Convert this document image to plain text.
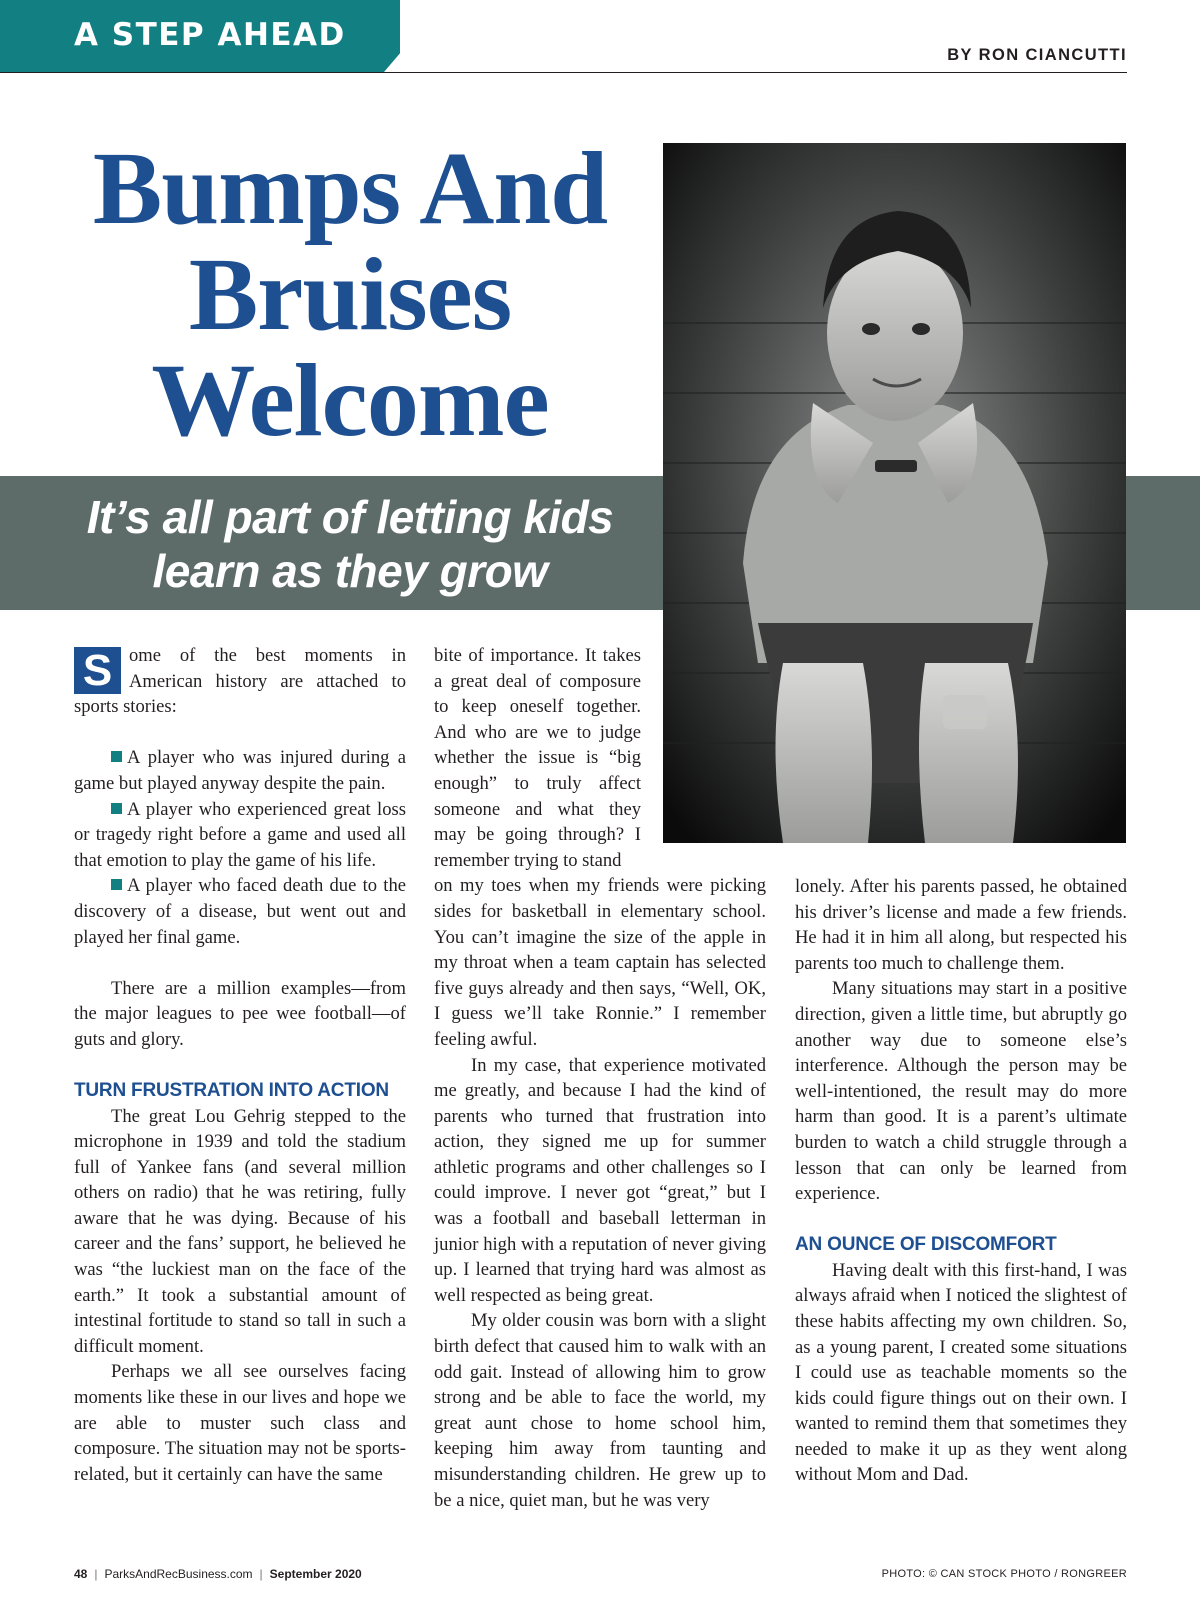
A STEP AHEAD
BY RON CIANCUTTI
Bumps And Bruises Welcome
It’s all part of letting kids learn as they grow

S ome of the best moments in American history are attached to sports stories:

A player who was injured during a game but played anyway despite the pain.

A player who experienced great loss or tragedy right before a game and used all that emotion to play the game of his life.

A player who faced death due to the discovery of a disease, but went out and played her final game.

There are a million examples—from the major leagues to pee wee football—of guts and glory.

TURN FRUSTRATION INTO ACTION

The great Lou Gehrig stepped to the microphone in 1939 and told the stadium full of Yankee fans (and several million others on radio) that he was retiring, fully aware that he was dying. Because of his career and the fans’ support, he believed he was “the luckiest man on the face of the earth.” It took a substantial amount of intestinal fortitude to stand so tall in such a difficult moment.

Perhaps we all see ourselves facing moments like these in our lives and hope we are able to muster such class and composure. The situation may not be sports-related, but it certainly can have the same

bite of importance. It takes a great deal of composure to keep oneself together. And who are we to judge whether the issue is “big enough” to truly affect someone and what they may be going through? I remember trying to stand

on my toes when my friends were picking sides for basketball in elementary school. You can’t imagine the size of the apple in my throat when a team captain has selected five guys already and then says, “Well, OK, I guess we’ll take Ronnie.” I remember feeling awful.

In my case, that experience motivated me greatly, and because I had the kind of parents who turned that frustration into action, they signed me up for summer athletic programs and other challenges so I could improve. I never got “great,” but I was a football and baseball letterman in junior high with a reputation of never giving up. I learned that trying hard was almost as well respected as being great.

My older cousin was born with a slight birth defect that caused him to walk with an odd gait. Instead of allowing him to grow strong and be able to face the world, my great aunt chose to home school him, keeping him away from taunting and misunderstanding children. He grew up to be a nice, quiet man, but he was very

lonely. After his parents passed, he obtained his driver’s license and made a few friends. He had it in him all along, but respected his parents too much to challenge them.

Many situations may start in a positive direction, given a little time, but abruptly go another way due to someone else’s interference. Although the person may be well-intentioned, the result may do more harm than good. It is a parent’s ultimate burden to watch a child struggle through a lesson that can only be learned from experience.

AN OUNCE OF DISCOMFORT

Having dealt with this first-hand, I was always afraid when I noticed the slightest of these habits affecting my own children. So, as a young parent, I created some situations I could use as teachable moments so the kids could figure things out on their own. I wanted to remind them that sometimes they needed to make it up as they went along without Mom and Dad.

48 | ParksAndRecBusiness.com | September 2020	PHOTO: © CAN STOCK PHOTO / RONGREER
